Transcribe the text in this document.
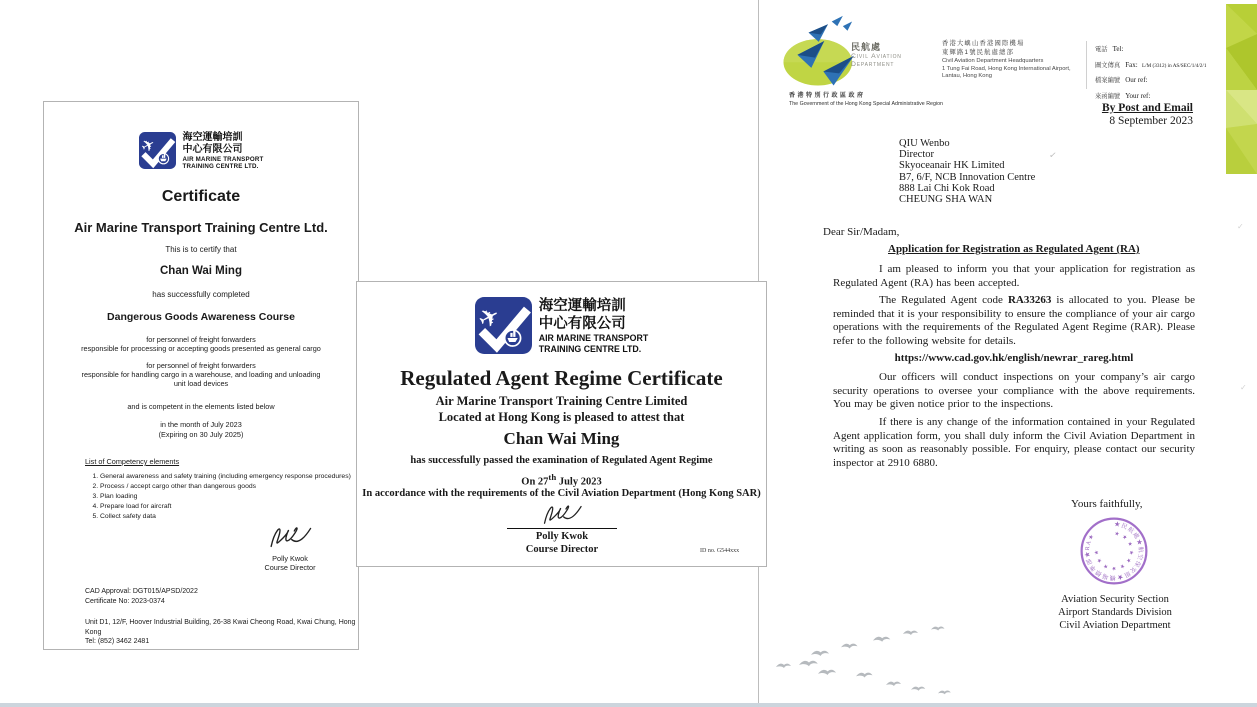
海空運輸培訓
中心有限公司
AIR MARINE TRANSPORT
TRAINING CENTRE LTD.
Certificate
Air Marine Transport Training Centre Ltd.
This is to certify that
Chan Wai Ming
has successfully completed
Dangerous Goods Awareness Course
for personnel of freight forwarders
responsible for processing or accepting goods presented as general cargo
for personnel of freight forwarders
responsible for handling cargo in a warehouse, and loading and unloading
unit load devices
and is competent in the elements listed below
in the month of July 2023
(Expiring on 30 July 2025)
List of Competency elements
1. General awareness and safety training (including emergency response procedures)
2. Process / accept cargo other than dangerous goods
3. Plan loading
4. Prepare load for aircraft
5. Collect safety data
Polly Kwok
Course Director
CAD Approval: DGT015/APSD/2022
Certificate No: 2023-0374
Unit D1, 12/F, Hoover Industrial Building, 26-38 Kwai Cheong Road, Kwai Chung, Hong Kong
Tel: (852) 3462 2481
海空運輸培訓
中心有限公司
AIR MARINE TRANSPORT
TRAINING CENTRE LTD.
Regulated Agent Regime Certificate
Air Marine Transport Training Centre Limited
Located at Hong Kong is pleased to attest that
Chan Wai Ming
has successfully passed the examination of Regulated Agent Regime
On 27th July 2023
In accordance with the requirements of the Civil Aviation Department (Hong Kong SAR)
Polly Kwok
Course Director	ID no. G544xxx
民航處
Civil Aviation
Department
香港特別行政區政府
The Government of the Hong Kong Special Administrative Region
香港大嶼山香港國際機場
東輝路1號民航處總部
Civil Aviation Department Headquarters
1 Tung Fai Road, Hong Kong International Airport,
Lantau, Hong Kong
電話 Tel:
圖文傳真 Fax:
檔案編號 Our ref:
來函編號 Your ref:
L/M (3312) in AS/SEC/1/4/2/1
By Post and Email
8 September 2023
QIU Wenbo
Director
Skyoceanair HK Limited
B7, 6/F, NCB Innovation Centre
888 Lai Chi Kok Road
CHEUNG SHA WAN
✓
✓
✓
Dear Sir/Madam,
Application for Registration as Regulated Agent (RA)
I am pleased to inform you that your application for registration as Regulated Agent (RA) has been accepted.
The Regulated Agent code RA33263 is allocated to you. Please be reminded that it is your responsibility to ensure the compliance of your air cargo operations with the requirements of the Regulated Agent Regime (RAR). Please refer to the following website for details.
https://www.cad.gov.hk/english/newrar_rareg.html
Our officers will conduct inspections on your company’s air cargo security operations to oversee your compliance with the above requirements. You may be given notice prior to the inspections.
If there is any change of the information contained in your Regulated Agent application form, you shall duly inform the Civil Aviation Department in writing as soon as reasonably possible. For enquiry, please contact our security inspector at 2910 6880.
Yours faithfully,
★民航處★航空保安組★機場標準部★RA★	★★★★★★★★★★
Aviation Security Section
Airport Standards Division
Civil Aviation Department
